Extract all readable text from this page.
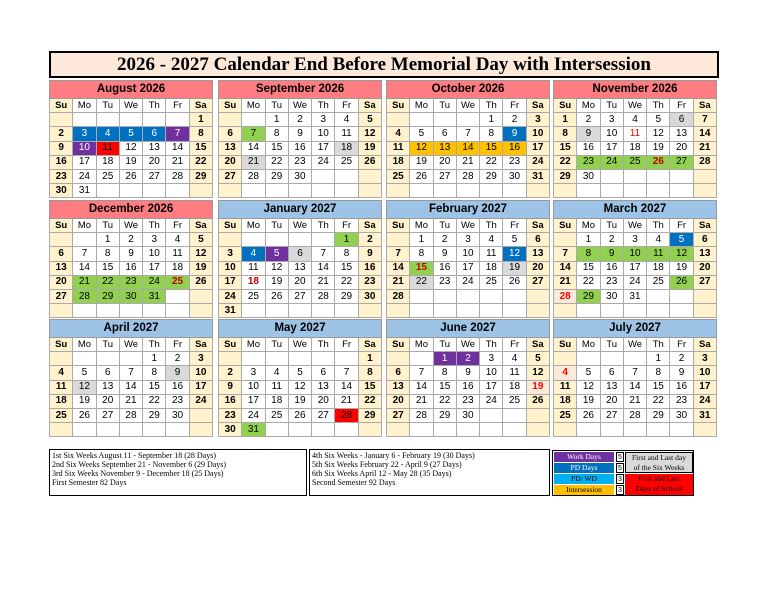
2026 - 2027 Calendar End Before Memorial Day with Intersession
August 2026						
Su	Mo	Tu	We	Th	Fr	Sa
						1
2	3	4	5	6	7	8
9	10	11	12	13	14	15
16	17	18	19	20	21	22
23	24	25	26	27	28	29
30	31					
September 2026						
Su	Mo	Tu	We	Th	Fr	Sa
		1	2	3	4	5
6	7	8	9	10	11	12
13	14	15	16	17	18	19
20	21	22	23	24	25	26
27	28	29	30			

October 2026						
Su	Mo	Tu	We	Th	Fr	Sa
				1	2	3
4	5	6	7	8	9	10
11	12	13	14	15	16	17
18	19	20	21	22	23	24
25	26	27	28	29	30	31

November 2026						
Su	Mo	Tu	We	Th	Fr	Sa
1	2	3	4	5	6	7
8	9	10	11	12	13	14
15	16	17	18	19	20	21
22	23	24	25	26	27	28
29	30					

December 2026						
Su	Mo	Tu	We	Th	Fr	Sa
		1	2	3	4	5
6	7	8	9	10	11	12
13	14	15	16	17	18	19
20	21	22	23	24	25	26
27	28	29	30	31		

January 2027						
Su	Mo	Tu	We	Th	Fr	Sa
					1	2
3	4	5	6	7	8	9
10	11	12	13	14	15	16
17	18	19	20	21	22	23
24	25	26	27	28	29	30
31						
February 2027						
Su	Mo	Tu	We	Th	Fr	Sa
	1	2	3	4	5	6
7	8	9	10	11	12	13
14	15	16	17	18	19	20
21	22	23	24	25	26	27
28						

March 2027						
Su	Mo	Tu	We	Th	Fr	Sa
	1	2	3	4	5	6
7	8	9	10	11	12	13
14	15	16	17	18	19	20
21	22	23	24	25	26	27
28	29	30	31			

April 2027						
Su	Mo	Tu	We	Th	Fr	Sa
				1	2	3
4	5	6	7	8	9	10
11	12	13	14	15	16	17
18	19	20	21	22	23	24
25	26	27	28	29	30	

May 2027						
Su	Mo	Tu	We	Th	Fr	Sa
						1
2	3	4	5	6	7	8
9	10	11	12	13	14	15
16	17	18	19	20	21	22
23	24	25	26	27	28	29
30	31					
June 2027						
Su	Mo	Tu	We	Th	Fr	Sa
		1	2	3	4	5
6	7	8	9	10	11	12
13	14	15	16	17	18	19
20	21	22	23	24	25	26
27	28	29	30			

July 2027						
Su	Mo	Tu	We	Th	Fr	Sa
				1	2	3
4	5	6	7	8	9	10
11	12	13	14	15	16	17
18	19	20	21	22	23	24
25	26	27	28	29	30	31

1st Six Weeks August 11 - September 18 (28 Days)
2nd Six Weeks September 21 - November 6 (29 Days)
3rd Six Weeks November 9 - December 18 (25 Days)
First Semester 82 Days
4th Six Weeks - January 6 - February 19 (30 Days)
5th Six Weeks February 22 - April 9 (27 Days)
6th Six Weeks April 12 - May 28 (35 Days)
Second Semester 92 Days
Work Days
PD Days
PD/ WD
Intersession
5
5
3
3
First and Last day
of the Six Weeks
First and Last
Days of School
